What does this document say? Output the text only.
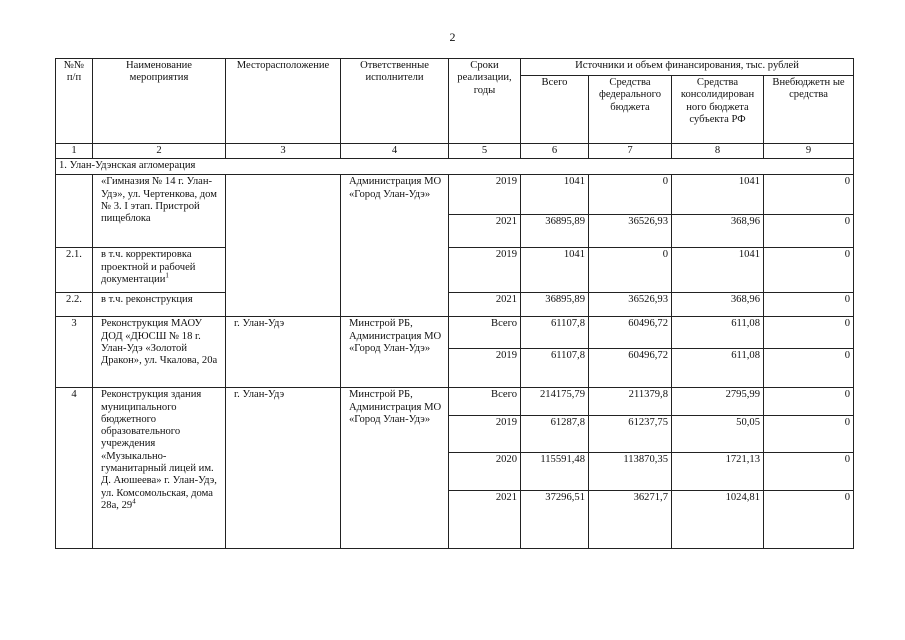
2
№№ п/п	Наименование мероприятия	Месторасположение	Ответственные исполнители	Сроки реализации, годы	Источники и объем финансирования, тыс. рублей			
					Всего	Средства федерального бюджета	Средства консолидирован ного бюджета субъекта РФ	Внебюджетн ые средства
1	2	3	4	5	6	7	8	9
1. Улан-Удэнская агломерация								
	«Гимназия № 14 г. Улан-Удэ», ул. Чертенкова, дом № 3. I этап. Пристрой пищеблока		Администрация МО «Город Улан-Удэ»	2019	1041	0	1041	0
				2021	36895,89	36526,93	368,96	0
2.1.	в т.ч. корректировка проектной и рабочей документации$^1$			2019	1041	0	1041	0
2.2.	в т.ч. реконструкция			2021	36895,89	36526,93	368,96	0
3	Реконструкция МАОУ ДОД «ДЮСШ № 18 г. Улан-Удэ «Золотой Дракон», ул. Чкалова, 20а	г. Улан-Удэ	Минстрой РБ, Администрация МО «Город Улан-Удэ»	Всего	61107,8	60496,72	611,08	0
				2019	61107,8	60496,72	611,08	0
4	Реконструкция здания муниципального бюджетного образовательного учреждения «Музыкально-гуманитарный лицей им. Д. Аюшеева» г. Улан-Удэ, ул. Комсомольская, дома 28а, $29^4$	г. Улан-Удэ	Минстрой РБ, Администрация МО «Город Улан-Удэ»	Всего	214175,79	211379,8	2795,99	0
				2019	61287,8	61237,75	50,05	0
				2020	115591,48	113870,35	1721,13	0
				2021	37296,51	36271,7	1024,81	0
